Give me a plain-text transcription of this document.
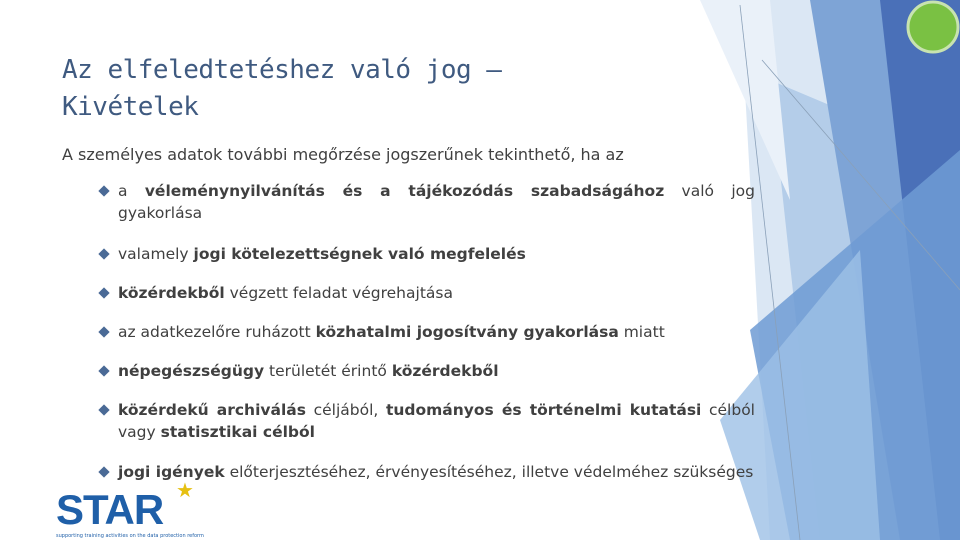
Az elfeledtetéshez való jog –
Kivételek
A személyes adatok további megőrzése jogszerűnek tekinthető, ha az
a véleménynyilvánítás és a tájékozódás szabadságához való jog gyakorlása
valamely jogi kötelezettségnek való megfelelés
közérdekből végzett feladat végrehajtása
az adatkezelőre ruházott közhatalmi jogosítvány gyakorlása miatt
népegészségügy területét érintő közérdekből
közérdekű archiválás céljából, tudományos és történelmi kutatási célból vagy statisztikai célból
jogi igények előterjesztéséhez, érvényesítéséhez, illetve védelméhez szükséges
STAR ★
supporting training activities on the data protection reform
